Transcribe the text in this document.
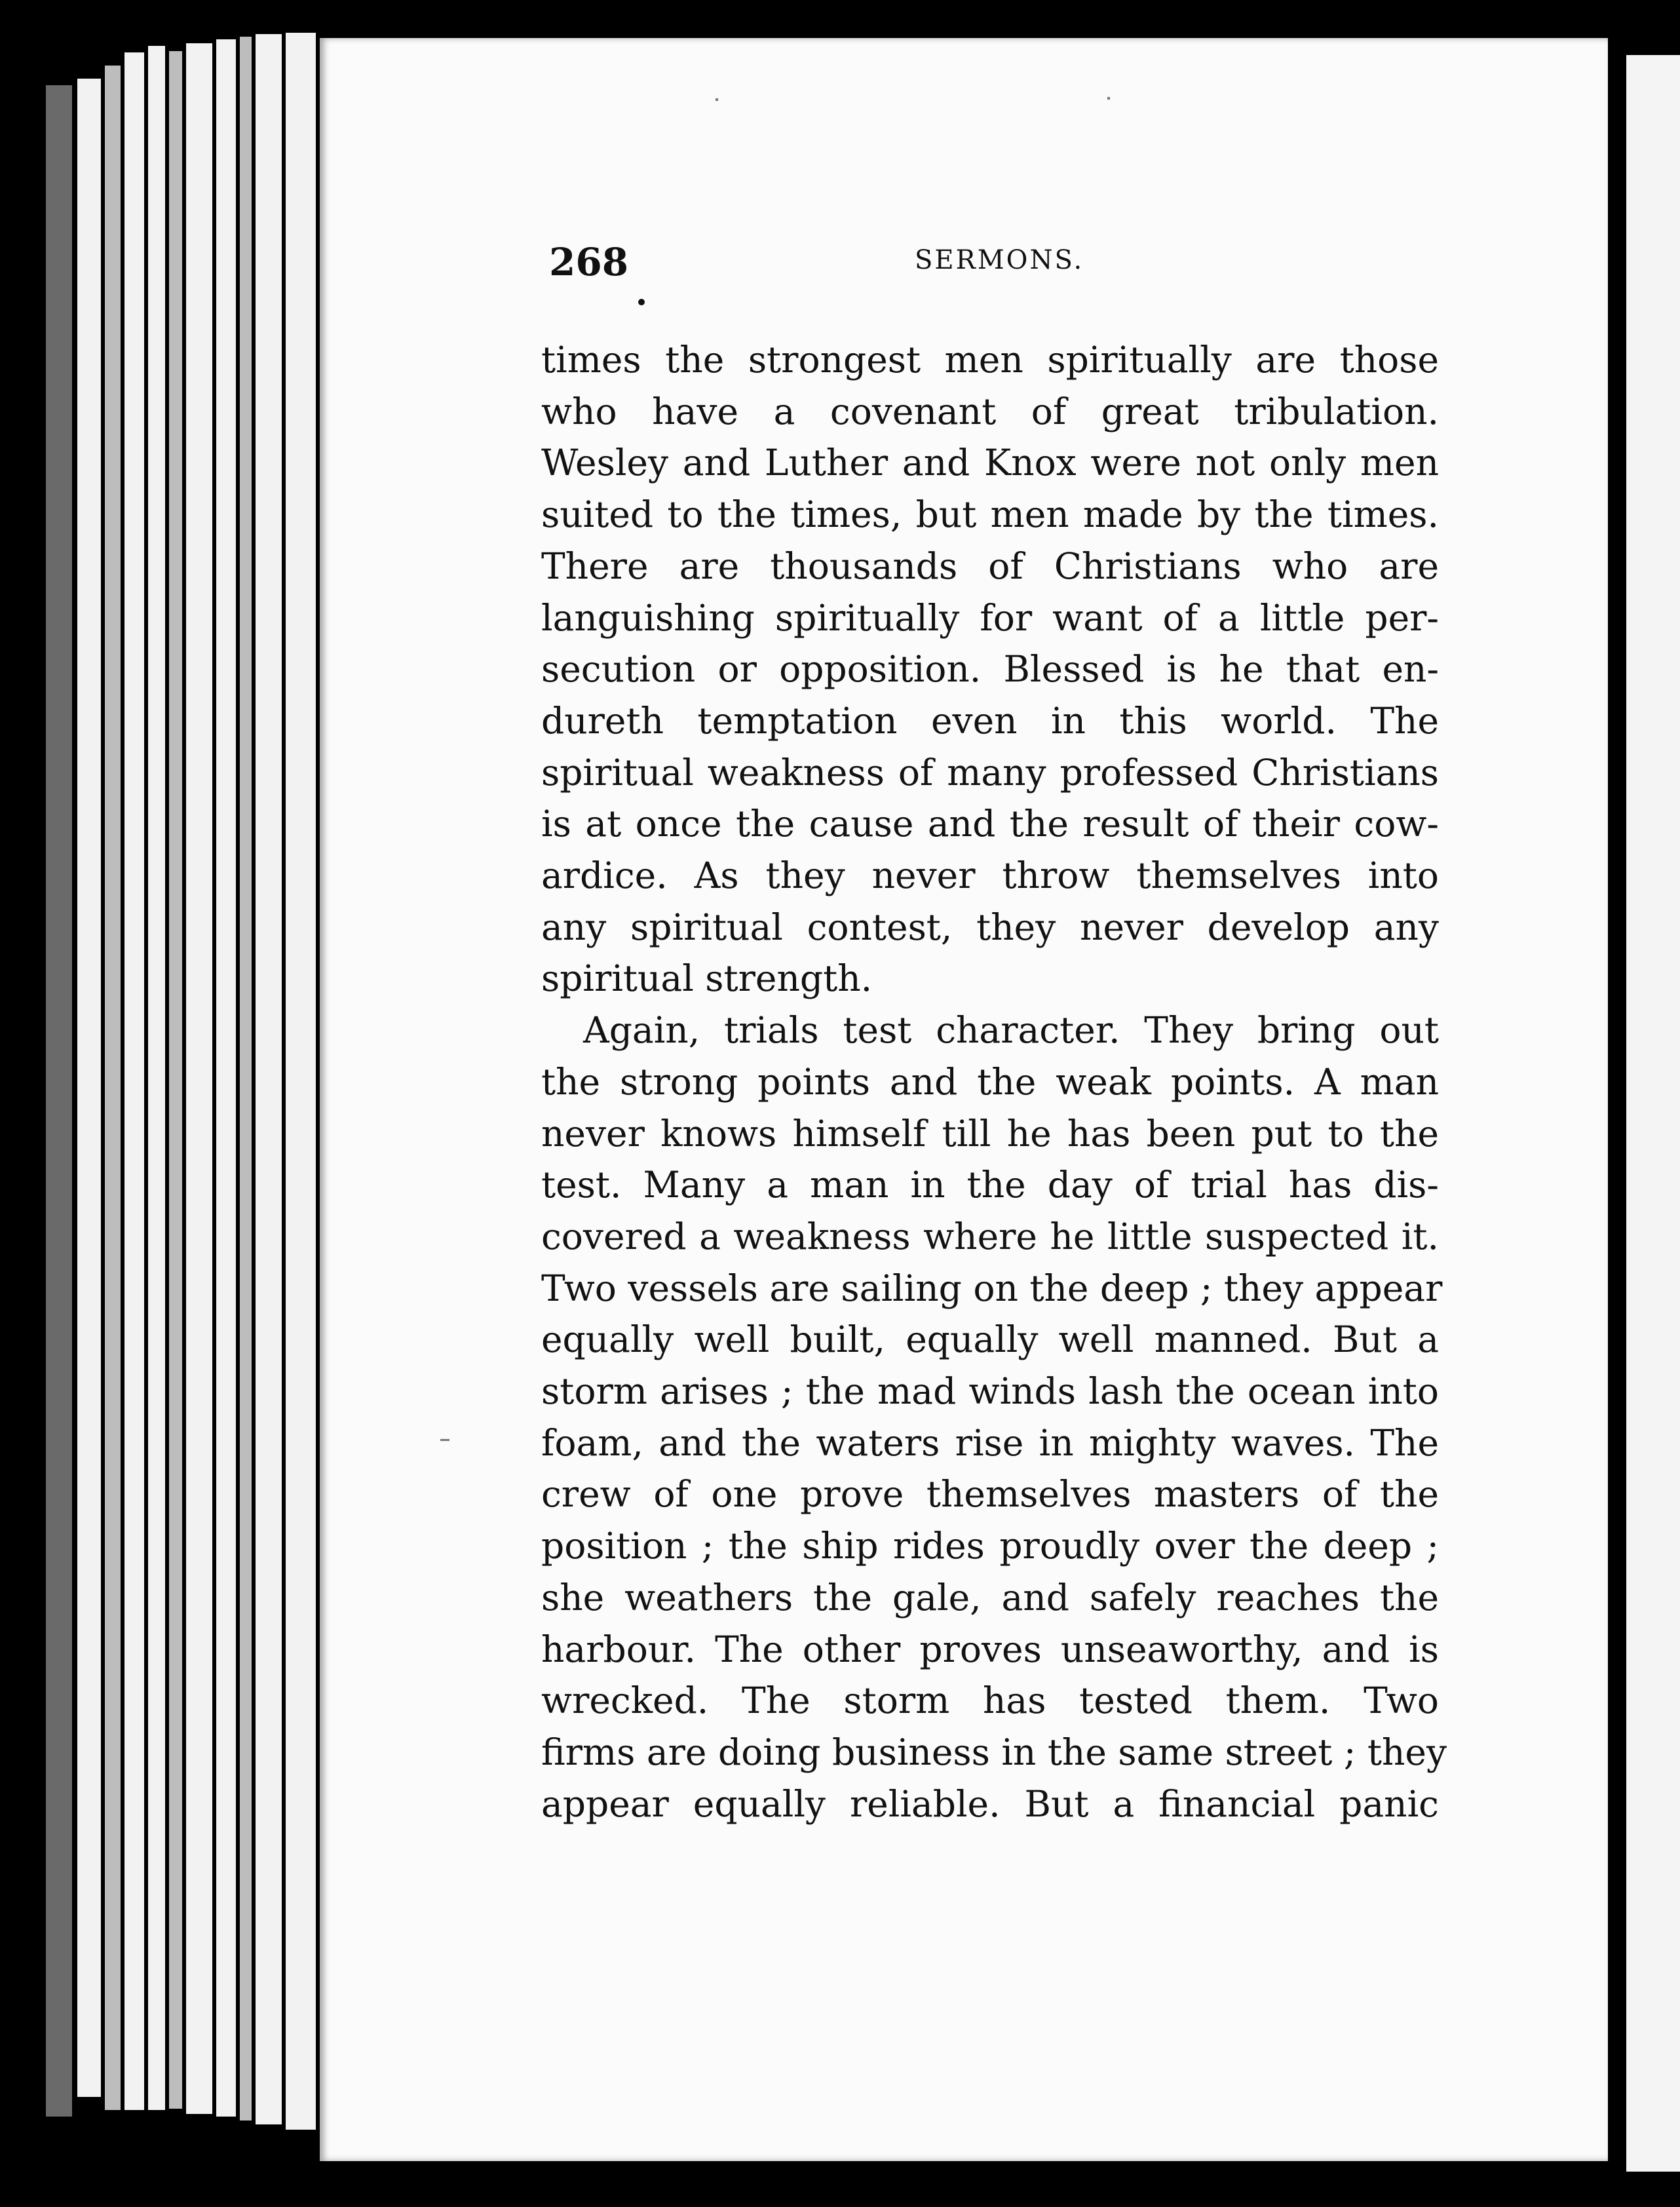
268	SERMONS.
times the strongest men spiritually are those
who have a covenant of great tribulation.
Wesley and Luther and Knox were not only men
suited to the times, but men made by the times.
There are thousands of Christians who are
languishing spiritually for want of a little per-
secution or opposition. Blessed is he that en-
dureth temptation even in this world. The
spiritual weakness of many professed Christians
is at once the cause and the result of their cow-
ardice. As they never throw themselves into
any spiritual contest, they never develop any
spiritual strength.
Again, trials test character. They bring out
the strong points and the weak points. A man
never knows himself till he has been put to the
test. Many a man in the day of trial has dis-
covered a weakness where he little suspected it.
Two vessels are sailing on the deep ; they appear
equally well built, equally well manned. But a
storm arises ; the mad winds lash the ocean into
foam, and the waters rise in mighty waves. The
crew of one prove themselves masters of the
position ; the ship rides proudly over the deep ;
she weathers the gale, and safely reaches the
harbour. The other proves unseaworthy, and is
wrecked. The storm has tested them. Two
firms are doing business in the same street ; they
appear equally reliable. But a financial panic
